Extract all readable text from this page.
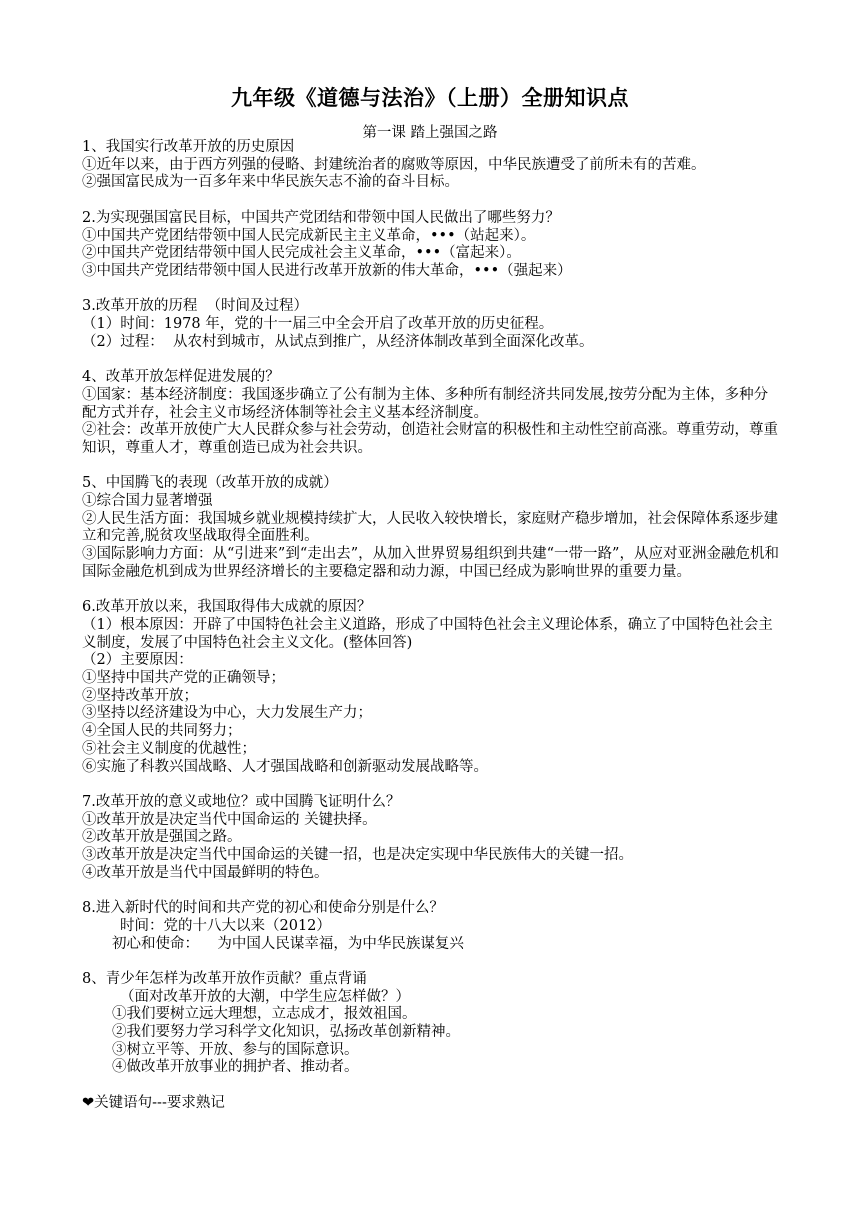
九年级《道德与法治》（上册）全册知识点
第一课 踏上强国之路

1、我国实行改革开放的历史原因

①近年以来，由于西方列强的侵略、封建统治者的腐败等原因，中华民族遭受了前所未有的苦难。

②强国富民成为一百多年来中华民族矢志不渝的奋斗目标。

2.为实现强国富民目标，中国共产党团结和带领中国人民做出了哪些努力？

①中国共产党团结带领中国人民完成新民主主义革命，•••（站起来）。

②中国共产党团结带领中国人民完成社会主义革命，•••（富起来）。

③中国共产党团结带领中国人民进行改革开放新的伟大革命，•••（强起来）

3.改革开放的历程  （时间及过程）

（1）时间：1978 年，党的十一届三中全会开启了改革开放的历史征程。

（2）过程：  从农村到城市，从试点到推广，从经济体制改革到全面深化改革。

4、改革开放怎样促进发展的？

①国家：基本经济制度：我国逐步确立了公有制为主体、多种所有制经济共同发展,按劳分配为主体，多种分配方式并存，社会主义市场经济体制等社会主义基本经济制度。

②社会：改革开放使广大人民群众参与社会劳动，创造社会财富的积极性和主动性空前高涨。尊重劳动，尊重知识，尊重人才，尊重创造已成为社会共识。

5、中国腾飞的表现（改革开放的成就）

①综合国力显著增强

②人民生活方面：我国城乡就业规模持续扩大，人民收入较快增长，家庭财产稳步增加，社会保障体系逐步建立和完善,脱贫攻坚战取得全面胜利。

③国际影响力方面：从“引进来”到“走出去”，从加入世界贸易组织到共建“一带一路”，从应对亚洲金融危机和国际金融危机到成为世界经济增长的主要稳定器和动力源，中国已经成为影响世界的重要力量。

6.改革开放以来，我国取得伟大成就的原因？

（1）根本原因：开辟了中国特色社会主义道路，形成了中国特色社会主义理论体系，确立了中国特色社会主义制度，发展了中国特色社会主义文化。(整体回答)

（2）主要原因：

①坚持中国共产党的正确领导；

②坚持改革开放；

③坚持以经济建设为中心，大力发展生产力；

④全国人民的共同努力；

⑤社会主义制度的优越性；

⑥实施了科教兴国战略、人才强国战略和创新驱动发展战略等。

7.改革开放的意义或地位？或中国腾飞证明什么？

①改革开放是决定当代中国命运的 关键抉择。

②改革开放是强国之路。

③改革开放是决定当代中国命运的关键一招，也是决定实现中华民族伟大的关键一招。

④改革开放是当代中国最鲜明的特色。

8.进入新时代的时间和共产党的初心和使命分别是什么？

时间：党的十八大以来（2012）

初心和使命：    为中国人民谋幸福，为中华民族谋复兴

8、青少年怎样为改革开放作贡献？重点背诵

（面对改革开放的大潮，中学生应怎样做？）

①我们要树立远大理想，立志成才，报效祖国。

②我们要努力学习科学文化知识，弘扬改革创新精神。

③树立平等、开放、参与的国际意识。

④做改革开放事业的拥护者、推动者。

❤关键语句---要求熟记
